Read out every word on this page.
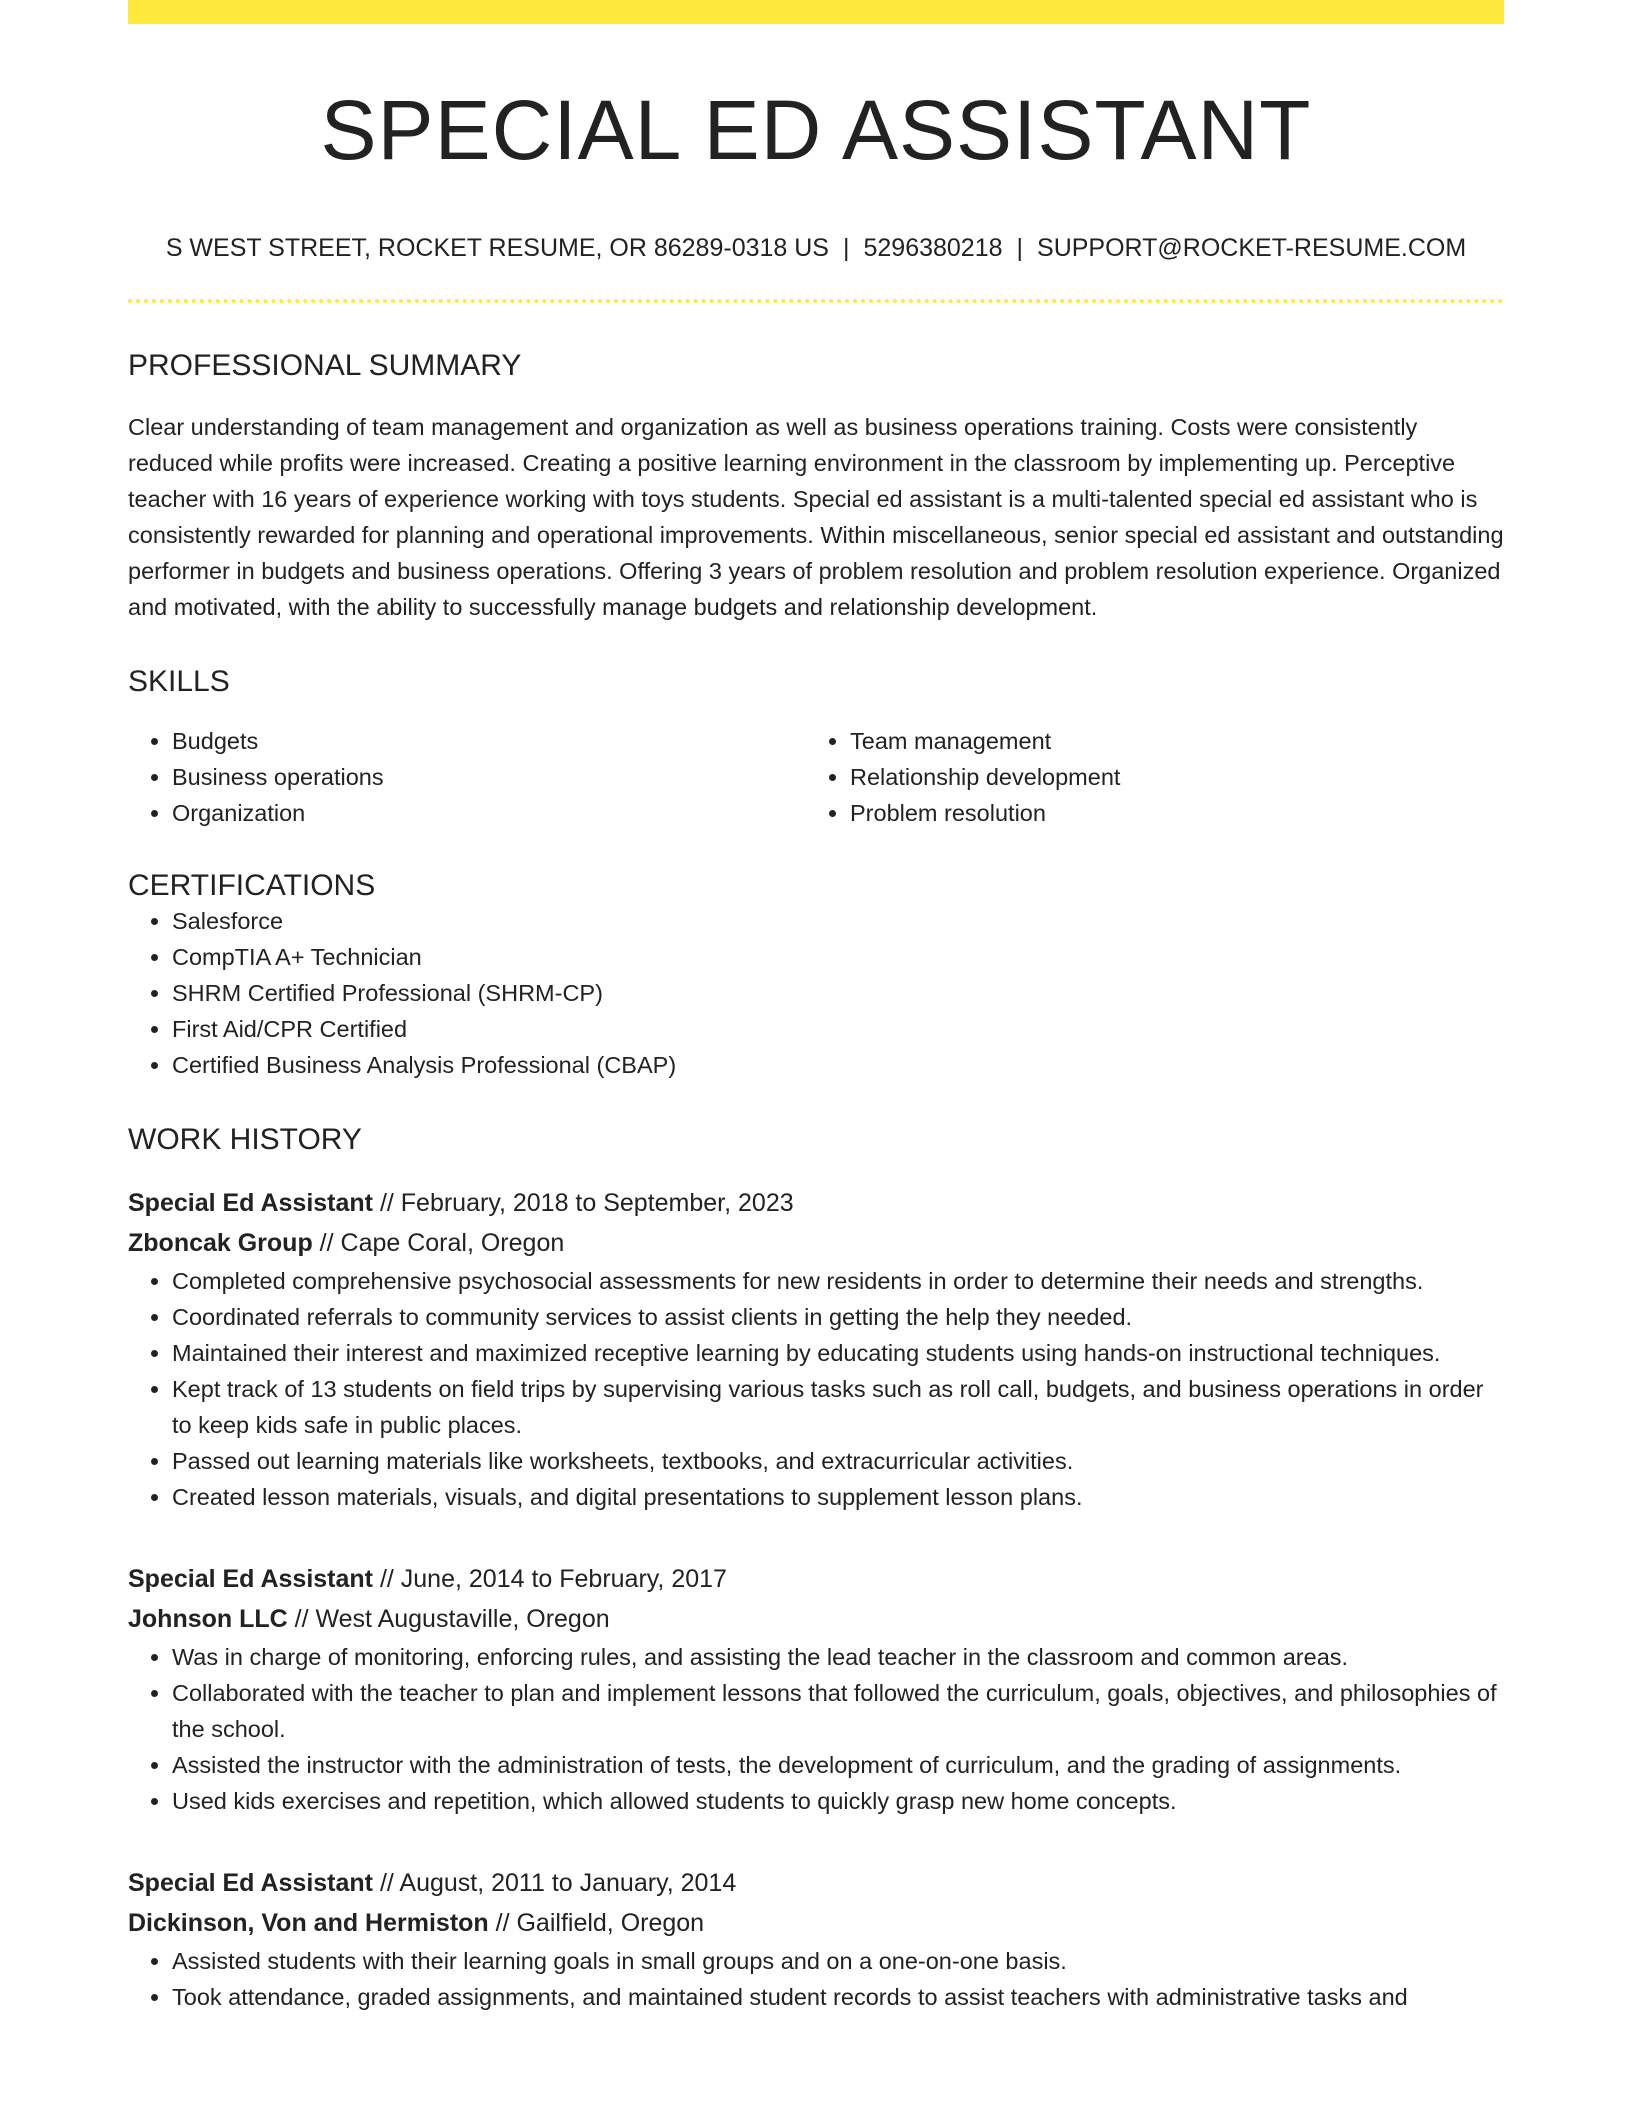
SPECIAL ED ASSISTANT
S WEST STREET, ROCKET RESUME, OR 86289-0318 US | 5296380218 | SUPPORT@ROCKET-RESUME.COM
PROFESSIONAL SUMMARY
Clear understanding of team management and organization as well as business operations training. Costs were consistently reduced while profits were increased. Creating a positive learning environment in the classroom by implementing up. Perceptive teacher with 16 years of experience working with toys students. Special ed assistant is a multi-talented special ed assistant who is consistently rewarded for planning and operational improvements. Within miscellaneous, senior special ed assistant and outstanding performer in budgets and business operations. Offering 3 years of problem resolution and problem resolution experience. Organized and motivated, with the ability to successfully manage budgets and relationship development.
SKILLS
• Budgets
• Business operations
• Organization
• Team management
• Relationship development
• Problem resolution
CERTIFICATIONS
• Salesforce
• CompTIA A+ Technician
• SHRM Certified Professional (SHRM-CP)
• First Aid/CPR Certified
• Certified Business Analysis Professional (CBAP)
WORK HISTORY
Special Ed Assistant // February, 2018 to September, 2023
Zboncak Group // Cape Coral, Oregon
• Completed comprehensive psychosocial assessments for new residents in order to determine their needs and strengths.
• Coordinated referrals to community services to assist clients in getting the help they needed.
• Maintained their interest and maximized receptive learning by educating students using hands-on instructional techniques.
• Kept track of 13 students on field trips by supervising various tasks such as roll call, budgets, and business operations in order to keep kids safe in public places.
• Passed out learning materials like worksheets, textbooks, and extracurricular activities.
• Created lesson materials, visuals, and digital presentations to supplement lesson plans.
Special Ed Assistant // June, 2014 to February, 2017
Johnson LLC // West Augustaville, Oregon
• Was in charge of monitoring, enforcing rules, and assisting the lead teacher in the classroom and common areas.
• Collaborated with the teacher to plan and implement lessons that followed the curriculum, goals, objectives, and philosophies of the school.
• Assisted the instructor with the administration of tests, the development of curriculum, and the grading of assignments.
• Used kids exercises and repetition, which allowed students to quickly grasp new home concepts.
Special Ed Assistant // August, 2011 to January, 2014
Dickinson, Von and Hermiston // Gailfield, Oregon
• Assisted students with their learning goals in small groups and on a one-on-one basis.
• Took attendance, graded assignments, and maintained student records to assist teachers with administrative tasks and
